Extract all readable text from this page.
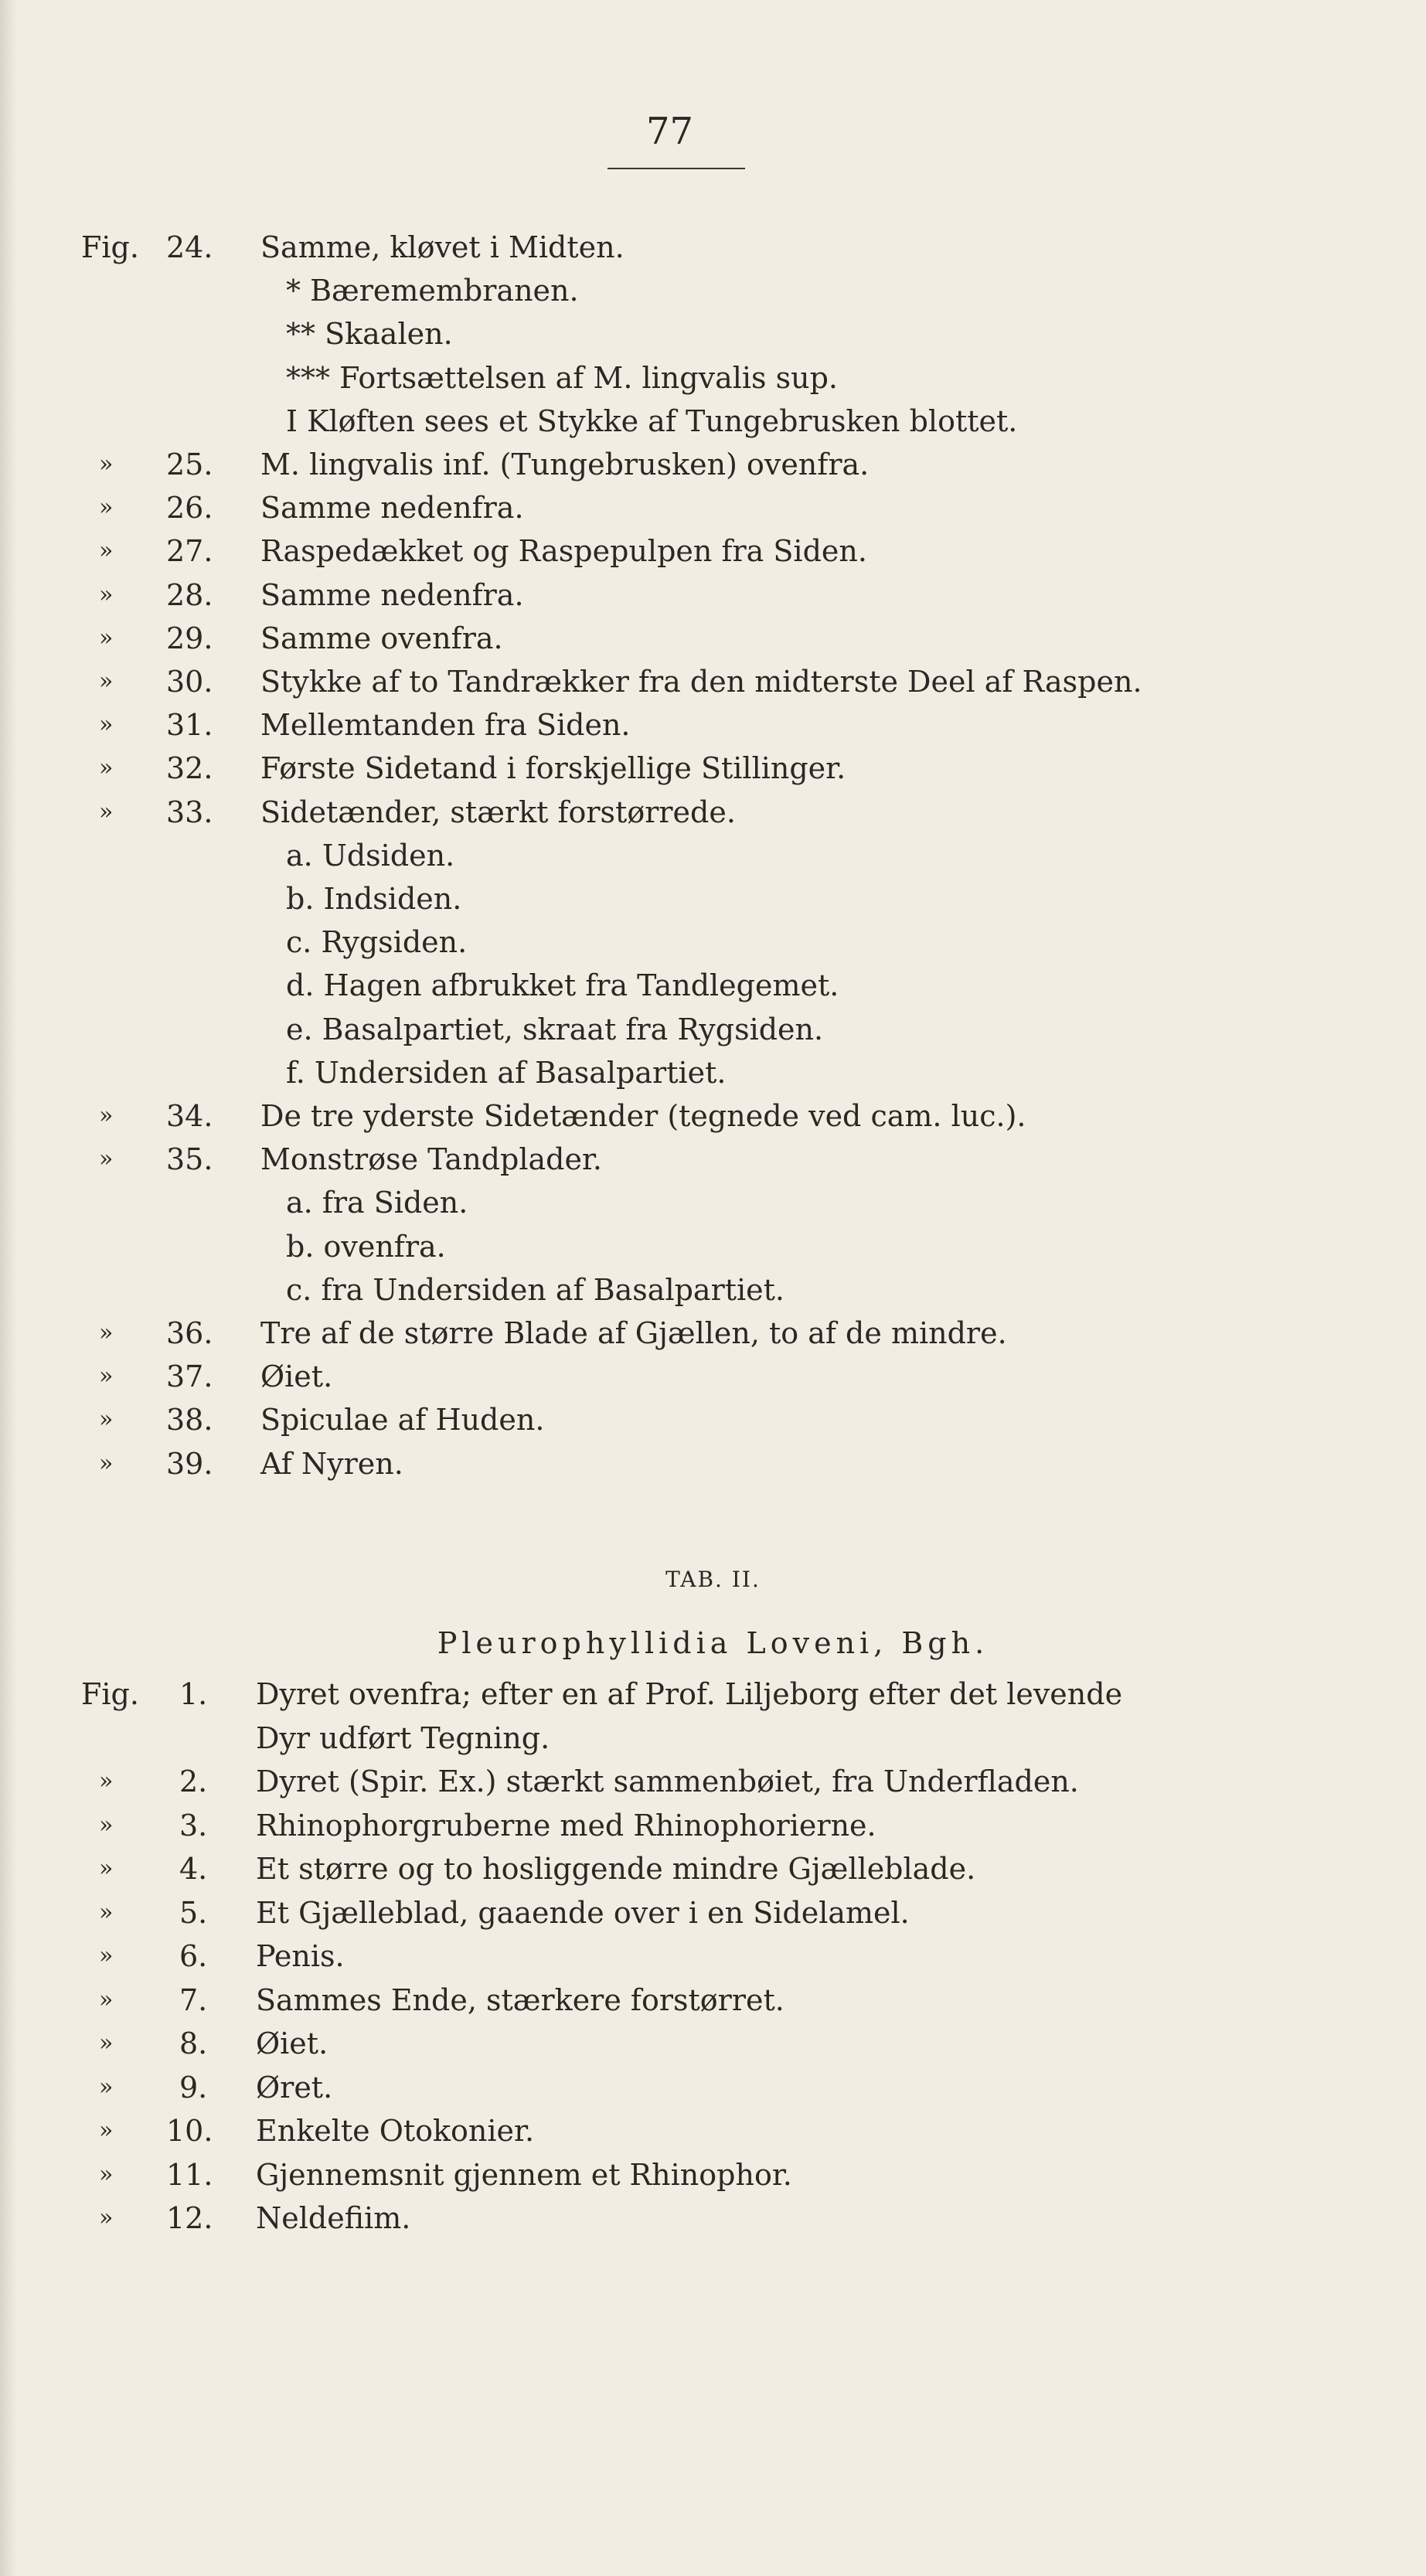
77
Fig. 24. Samme, kløvet i Midten.
* Bæremembranen.
** Skaalen.
*** Fortsættelsen af M. lingvalis sup.
I Kløften sees et Stykke af Tungebrusken blottet.
» 25. M. lingvalis inf. (Tungebrusken) ovenfra.
» 26. Samme nedenfra.
» 27. Raspedækket og Raspepulpen fra Siden.
» 28. Samme nedenfra.
» 29. Samme ovenfra.
» 30. Stykke af to Tandrækker fra den midterste Deel af Raspen.
» 31. Mellemtanden fra Siden.
» 32. Første Sidetand i forskjellige Stillinger.
» 33. Sidetænder, stærkt forstørrede.
a. Udsiden.
b. Indsiden.
c. Rygsiden.
d. Hagen afbrukket fra Tandlegemet.
e. Basalpartiet, skraat fra Rygsiden.
f. Undersiden af Basalpartiet.
» 34. De tre yderste Sidetænder (tegnede ved cam. luc.).
» 35. Monstrøse Tandplader.
a. fra Siden.
b. ovenfra.
c. fra Undersiden af Basalpartiet.
» 36. Tre af de større Blade af Gjællen, to af de mindre.
» 37. Øiet.
» 38. Spiculae af Huden.
» 39. Af Nyren.
Fig. 1. Dyret ovenfra; efter en af Prof. Liljeborg efter det levende
Dyr udført Tegning.
» 2. Dyret (Spir. Ex.) stærkt sammenbøiet, fra Underfladen.
» 3. Rhinophorgruberne med Rhinophorierne.
» 4. Et større og to hosliggende mindre Gjælleblade.
» 5. Et Gjælleblad, gaaende over i en Sidelamel.
» 6. Penis.
» 7. Sammes Ende, stærkere forstørret.
» 8. Øiet.
» 9. Øret.
» 10. Enkelte Otokonier.
» 11. Gjennemsnit gjennem et Rhinophor.
» 12. Neldefiim.
TAB. II.
Pleurophyllidia Loveni, Bgh.
